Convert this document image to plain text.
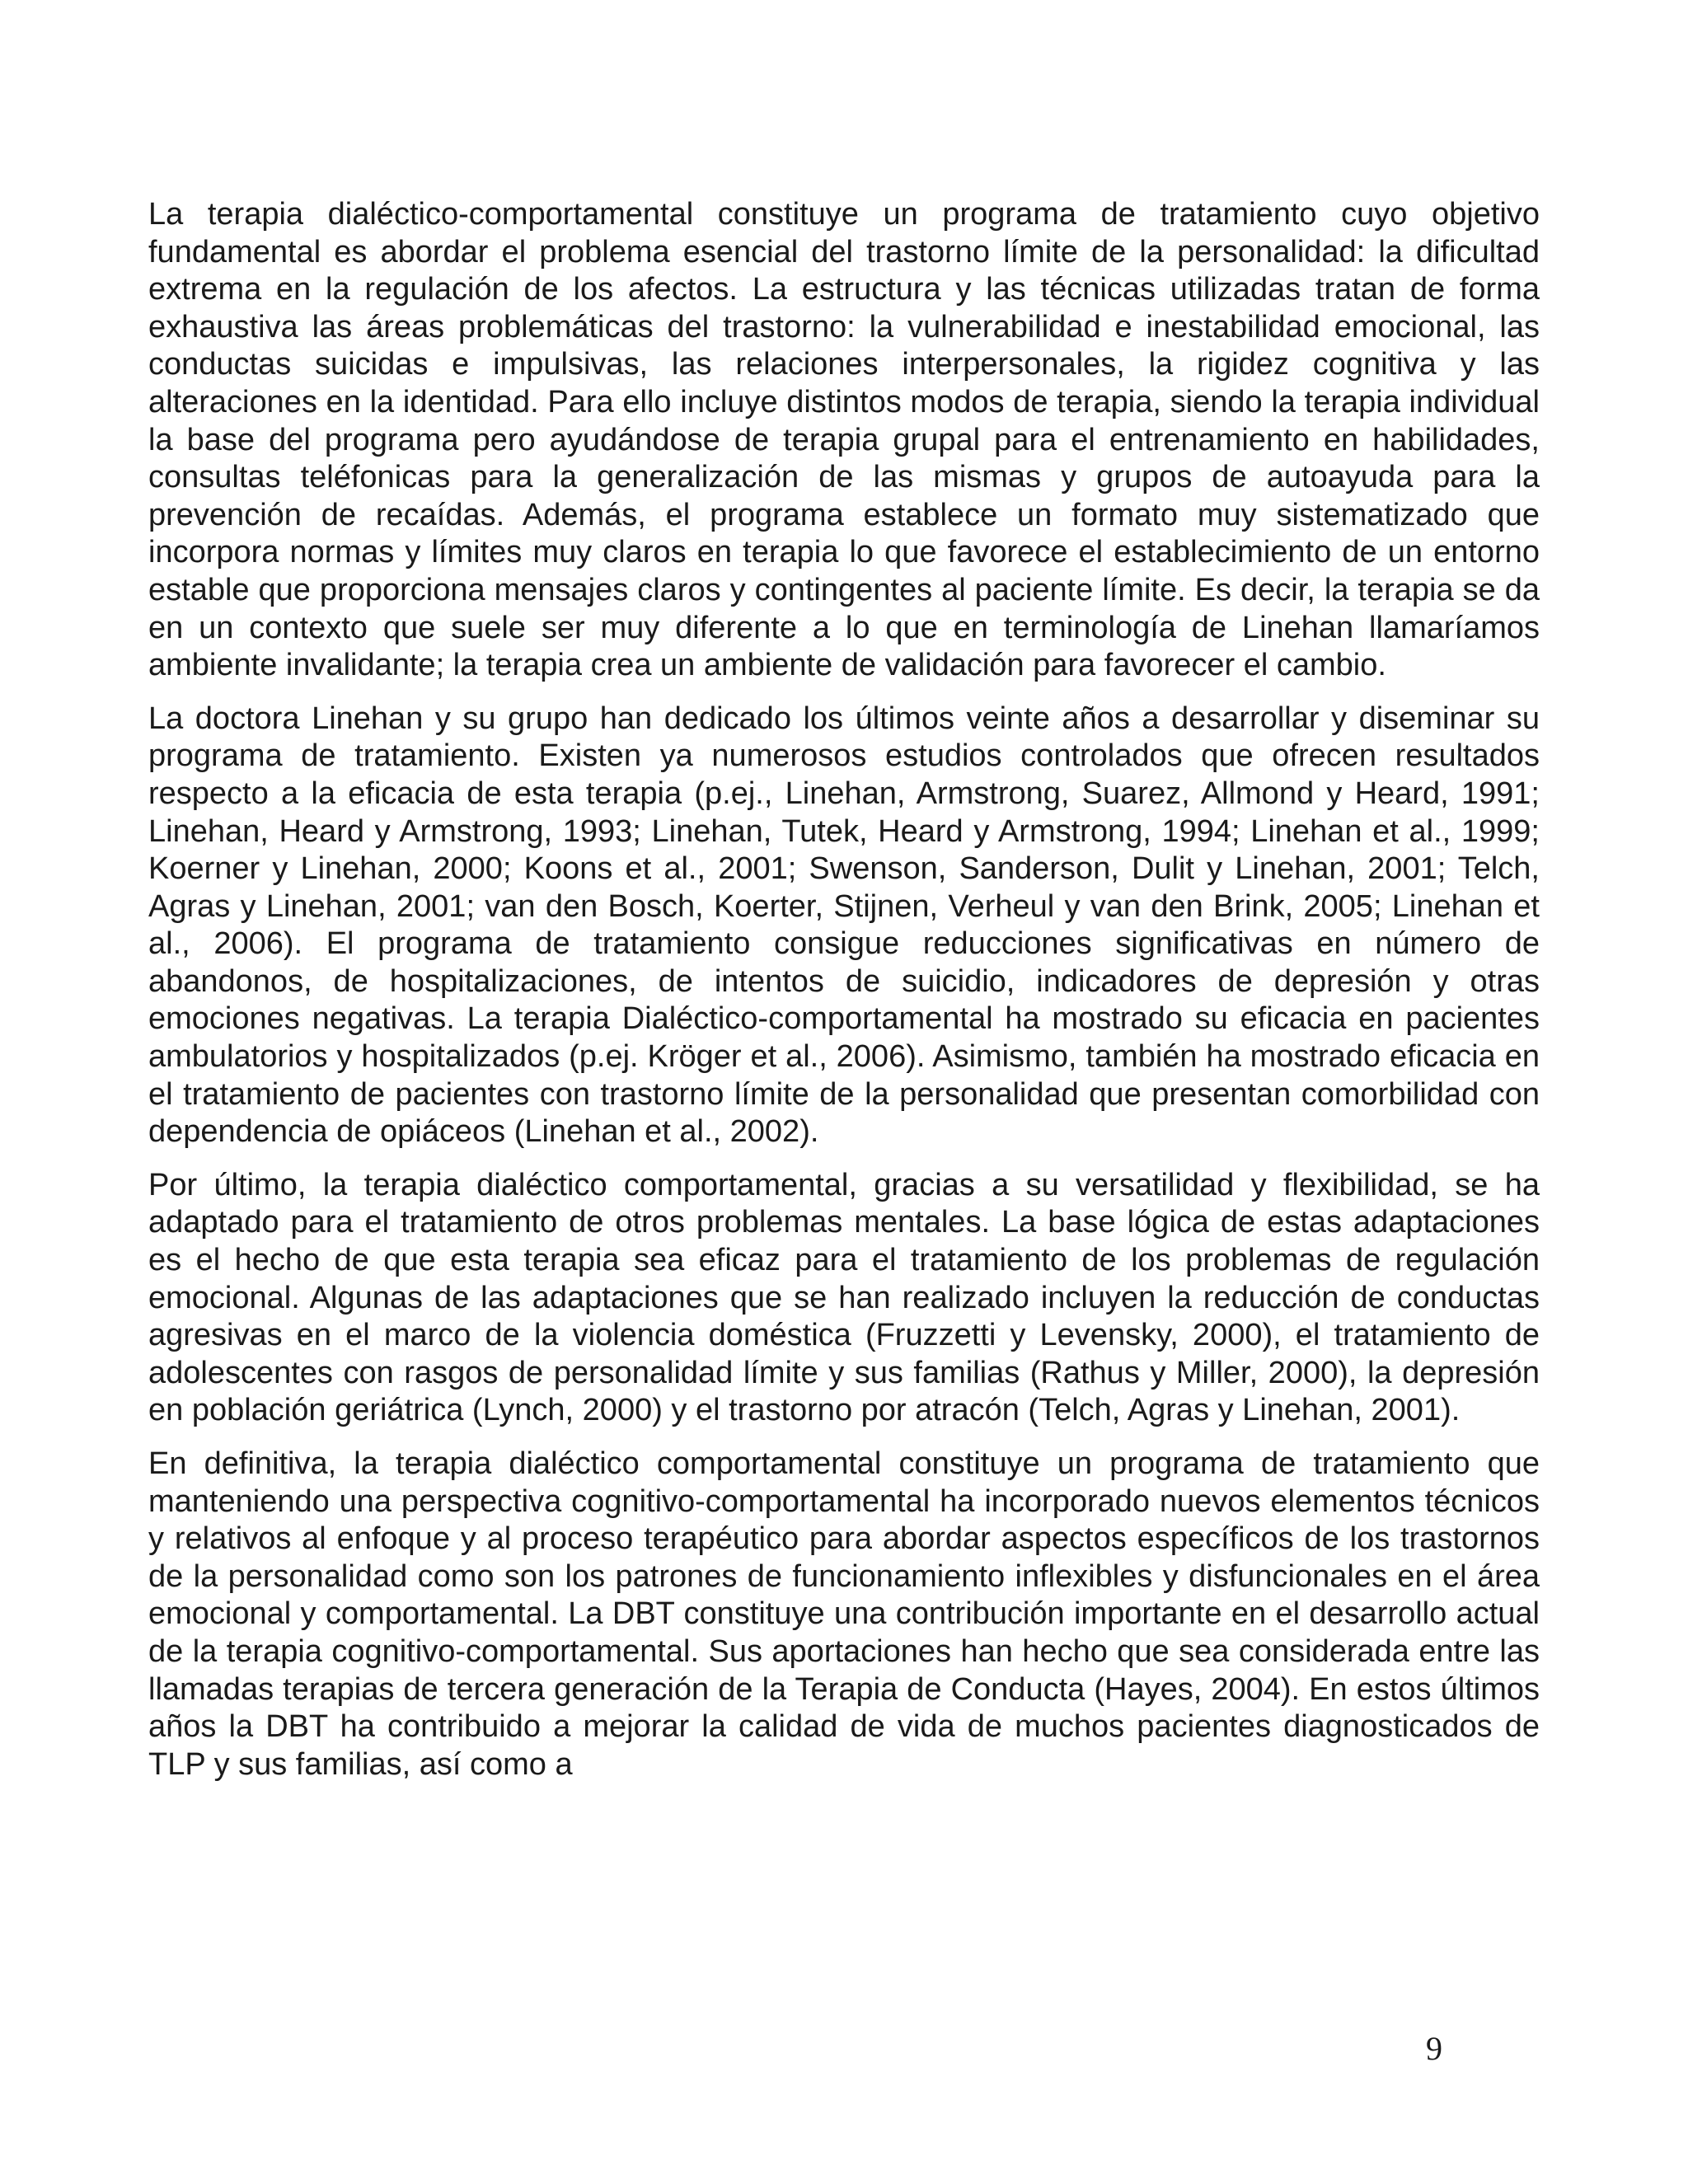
La terapia dialéctico-comportamental constituye un programa de tratamiento cuyo objetivo fundamental es abordar el problema esencial del trastorno límite de la personalidad: la dificultad extrema en la regulación de los afectos. La estructura y las técnicas utilizadas tratan de forma exhaustiva las áreas problemáticas del trastorno: la vulnerabilidad e inestabilidad emocional, las conductas suicidas e impulsivas, las relaciones interpersonales, la rigidez cognitiva y las alteraciones en la identidad. Para ello incluye distintos modos de terapia, siendo la terapia individual la base del programa pero ayudándose de terapia grupal para el entrenamiento en habilidades, consultas teléfonicas para la generalización de las mismas y grupos de autoayuda para la prevención de recaídas. Además, el programa establece un formato muy sistematizado que incorpora normas y límites muy claros en terapia lo que favorece el establecimiento de un entorno estable que proporciona mensajes claros y contingentes al paciente límite. Es decir, la terapia se da en un contexto que suele ser muy diferente a lo que en terminología de Linehan llamaríamos ambiente invalidante; la terapia crea un ambiente de validación para favorecer el cambio.

La doctora Linehan y su grupo han dedicado los últimos veinte años a desarrollar y diseminar su programa de tratamiento. Existen ya numerosos estudios controlados que ofrecen resultados respecto a la eficacia de esta terapia (p.ej., Linehan, Armstrong, Suarez, Allmond y Heard, 1991; Linehan, Heard y Armstrong, 1993; Linehan, Tutek, Heard y Armstrong, 1994; Linehan et al., 1999; Koerner y Linehan, 2000; Koons et al., 2001; Swenson, Sanderson, Dulit y Linehan, 2001; Telch, Agras y Linehan, 2001; van den Bosch, Koerter, Stijnen, Verheul y van den Brink, 2005; Linehan et al., 2006). El programa de tratamiento consigue reducciones significativas en número de abandonos, de hospitalizaciones, de intentos de suicidio, indicadores de depresión y otras emociones negativas. La terapia Dialéctico-comportamental ha mostrado su eficacia en pacientes ambulatorios y hospitalizados (p.ej. Kröger et al., 2006). Asimismo, también ha mostrado eficacia en el tratamiento de pacientes con trastorno límite de la personalidad que presentan comorbilidad con dependencia de opiáceos (Linehan et al., 2002).

Por último, la terapia dialéctico comportamental, gracias a su versatilidad y flexibilidad, se ha adaptado para el tratamiento de otros problemas mentales. La base lógica de estas adaptaciones es el hecho de que esta terapia sea eficaz para el tratamiento de los problemas de regulación emocional. Algunas de las adaptaciones que se han realizado incluyen la reducción de conductas agresivas en el marco de la violencia doméstica (Fruzzetti y Levensky, 2000), el tratamiento de adolescentes con rasgos de personalidad límite y sus familias (Rathus y Miller, 2000), la depresión en población geriátrica (Lynch, 2000) y el trastorno por atracón (Telch, Agras y Linehan, 2001).

En definitiva, la terapia dialéctico comportamental constituye un programa de tratamiento que manteniendo una perspectiva cognitivo-comportamental ha incorporado nuevos elementos técnicos y relativos al enfoque y al proceso terapéutico para abordar aspectos específicos de los trastornos de la personalidad como son los patrones de funcionamiento inflexibles y disfuncionales en el área emocional y comportamental. La DBT constituye una contribución importante en el desarrollo actual de la terapia cognitivo-comportamental. Sus aportaciones han hecho que sea considerada entre las llamadas terapias de tercera generación de la Terapia de Conducta (Hayes, 2004). En estos últimos años la DBT ha contribuido a mejorar la calidad de vida de muchos pacientes diagnosticados de TLP y sus familias, así como a

9
